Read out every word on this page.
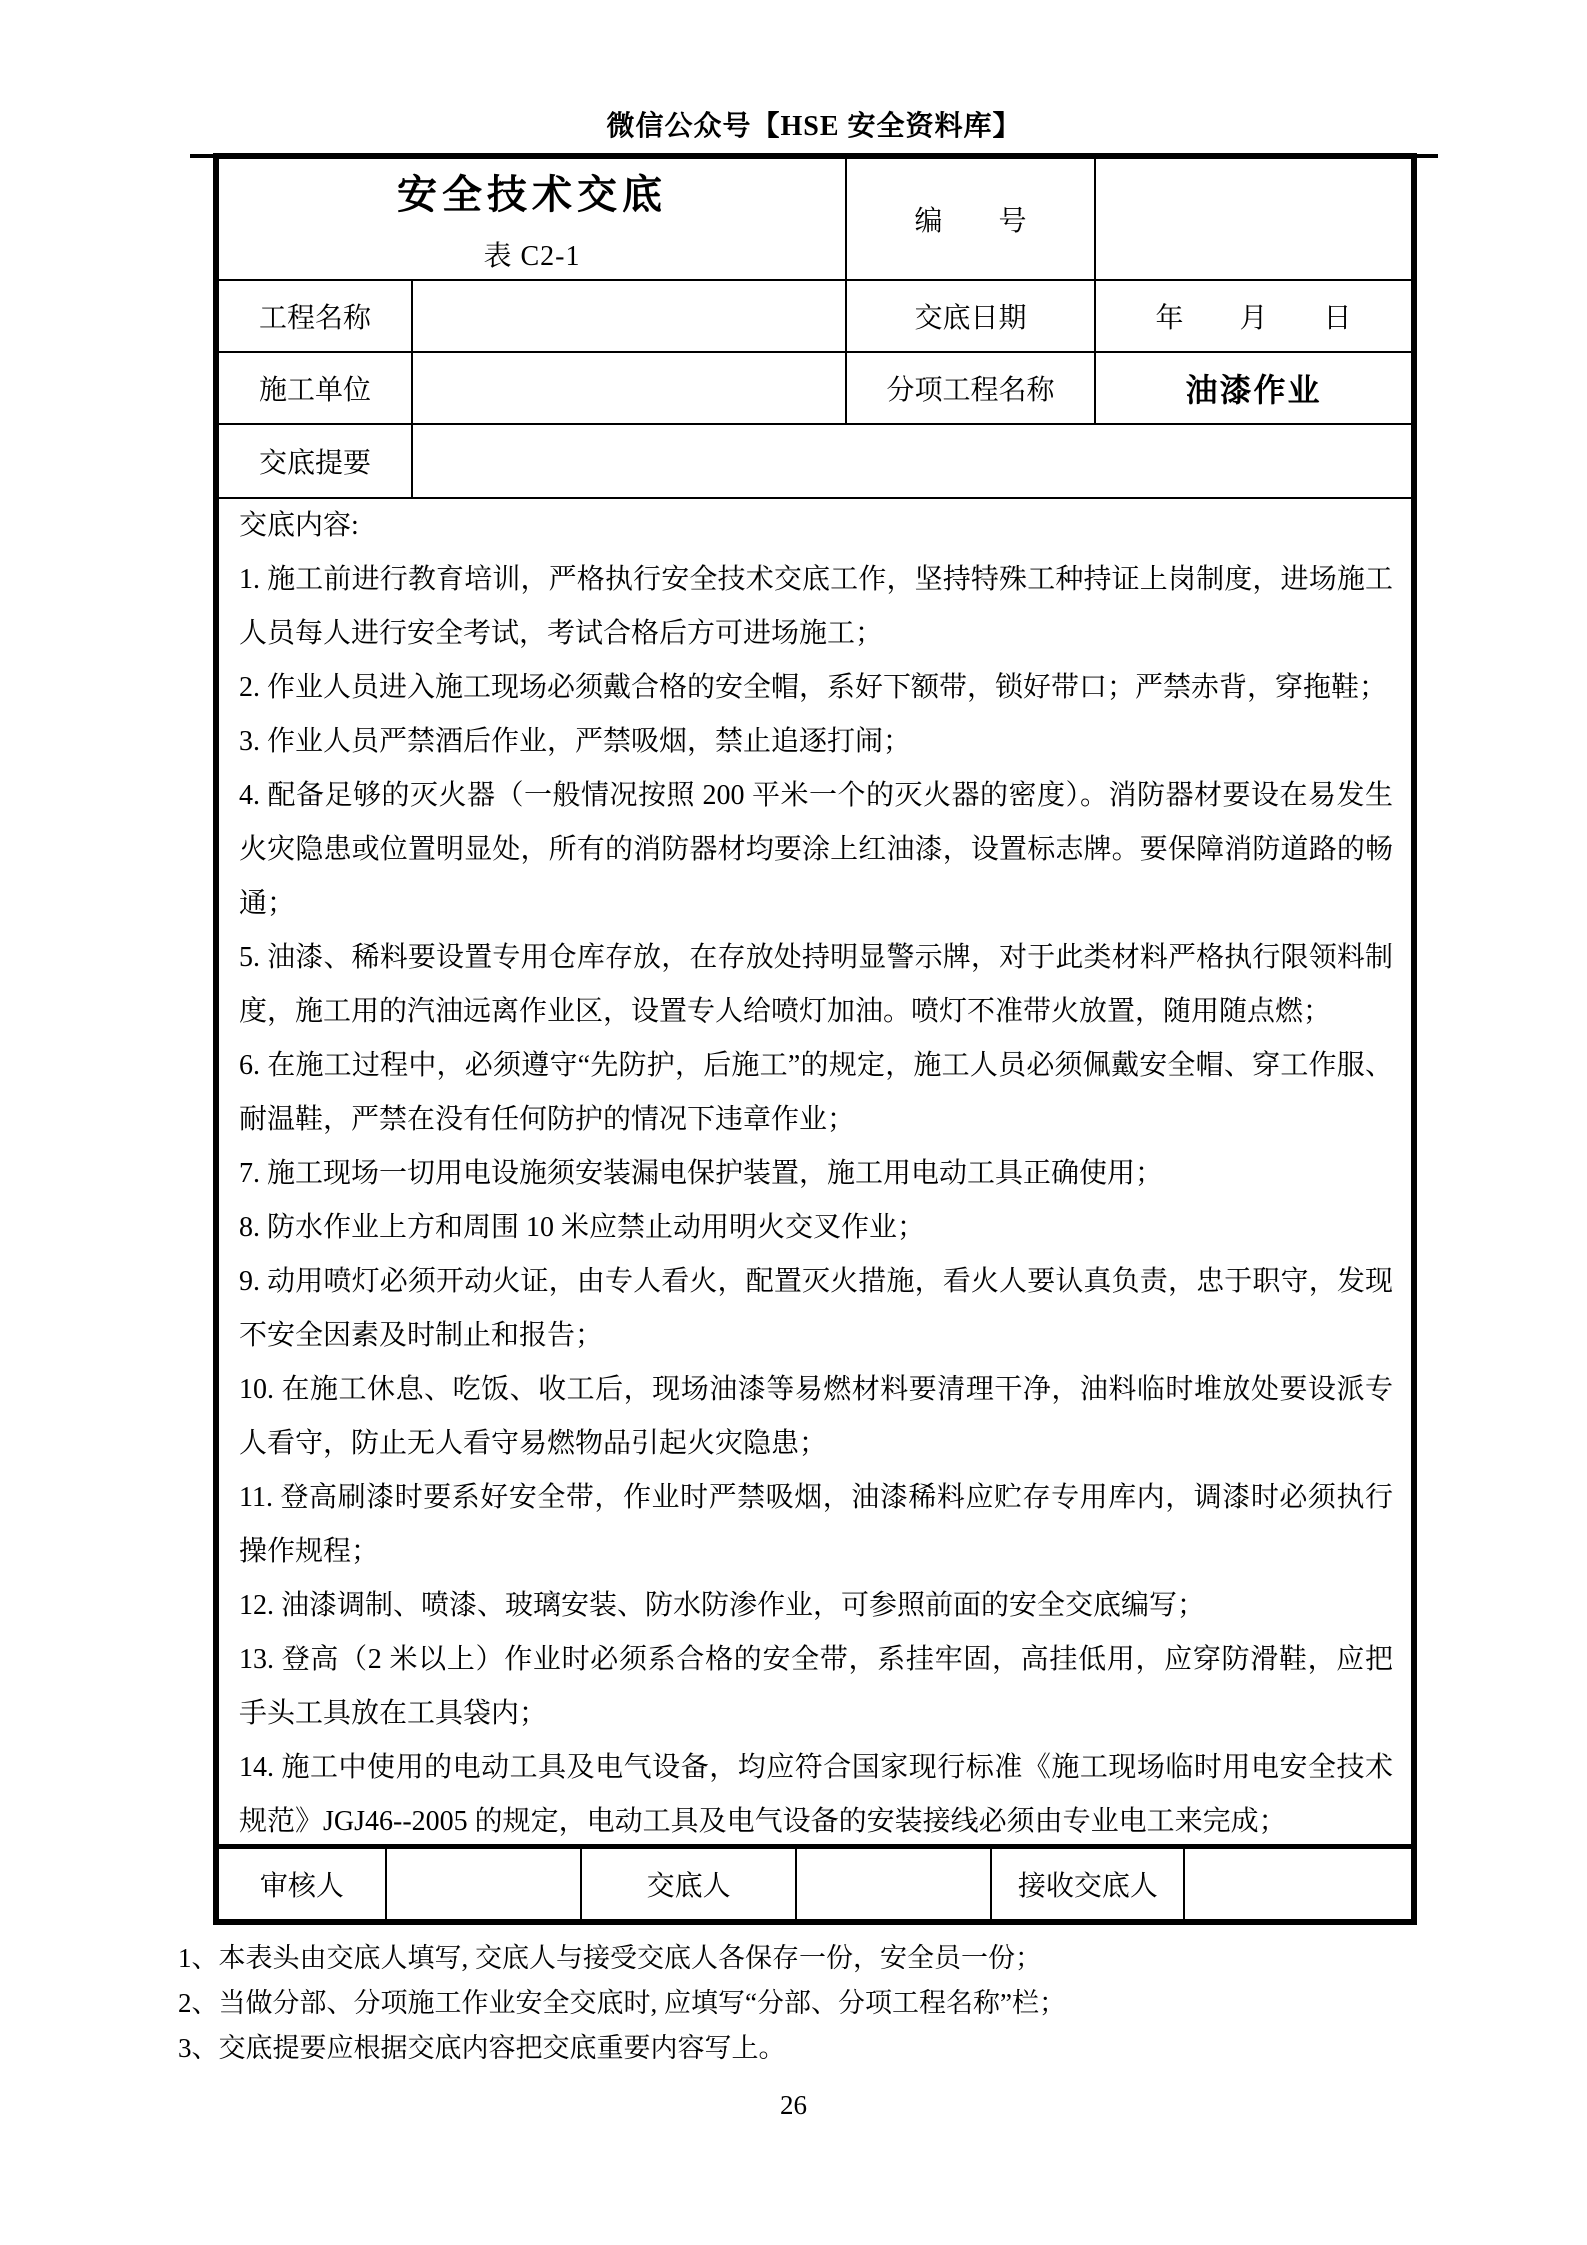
微信公众号【HSE 安全资料库】
安全技术交底
表 C2-1		编　　号	
工程名称		交底日期	年　　月　　日
施工单位		分项工程名称	油漆作业
交底提要			

交底内容:

1. 施工前进行教育培训，严格执行安全技术交底工作，坚持特殊工种持证上岗制度，进场施工人员每人进行安全考试，考试合格后方可进场施工；

2. 作业人员进入施工现场必须戴合格的安全帽，系好下额带，锁好带口；严禁赤背，穿拖鞋；

3. 作业人员严禁酒后作业，严禁吸烟，禁止追逐打闹；

4. 配备足够的灭火器（一般情况按照 200 平米一个的灭火器的密度）。消防器材要设在易发生火灾隐患或位置明显处，所有的消防器材均要涂上红油漆，设置标志牌。要保障消防道路的畅通；

5. 油漆、稀料要设置专用仓库存放，在存放处持明显警示牌，对于此类材料严格执行限领料制度，施工用的汽油远离作业区，设置专人给喷灯加油。喷灯不准带火放置，随用随点燃；

6. 在施工过程中，必须遵守“先防护，后施工”的规定，施工人员必须佩戴安全帽、穿工作服、耐温鞋，严禁在没有任何防护的情况下违章作业；

7. 施工现场一切用电设施须安装漏电保护装置，施工用电动工具正确使用；

8. 防水作业上方和周围 10 米应禁止动用明火交叉作业；

9. 动用喷灯必须开动火证，由专人看火，配置灭火措施，看火人要认真负责，忠于职守，发现不安全因素及时制止和报告；

10. 在施工休息、吃饭、收工后，现场油漆等易燃材料要清理干净，油料临时堆放处要设派专人看守，防止无人看守易燃物品引起火灾隐患；

11. 登高刷漆时要系好安全带，作业时严禁吸烟，油漆稀料应贮存专用库内，调漆时必须执行操作规程；

12. 油漆调制、喷漆、玻璃安装、防水防渗作业，可参照前面的安全交底编写；

13. 登高（2 米以上）作业时必须系合格的安全带，系挂牢固，高挂低用，应穿防滑鞋，应把手头工具放在工具袋内；

14. 施工中使用的电动工具及电气设备，均应符合国家现行标准《施工现场临时用电安全技术规范》JGJ46--2005 的规定，电动工具及电气设备的安装接线必须由专业电工来完成；

审核人		交底人		接收交底人	

1、本表头由交底人填写, 交底人与接受交底人各保存一份，安全员一份；

2、当做分部、分项施工作业安全交底时, 应填写“分部、分项工程名称”栏；

3、交底提要应根据交底内容把交底重要内容写上。

26
